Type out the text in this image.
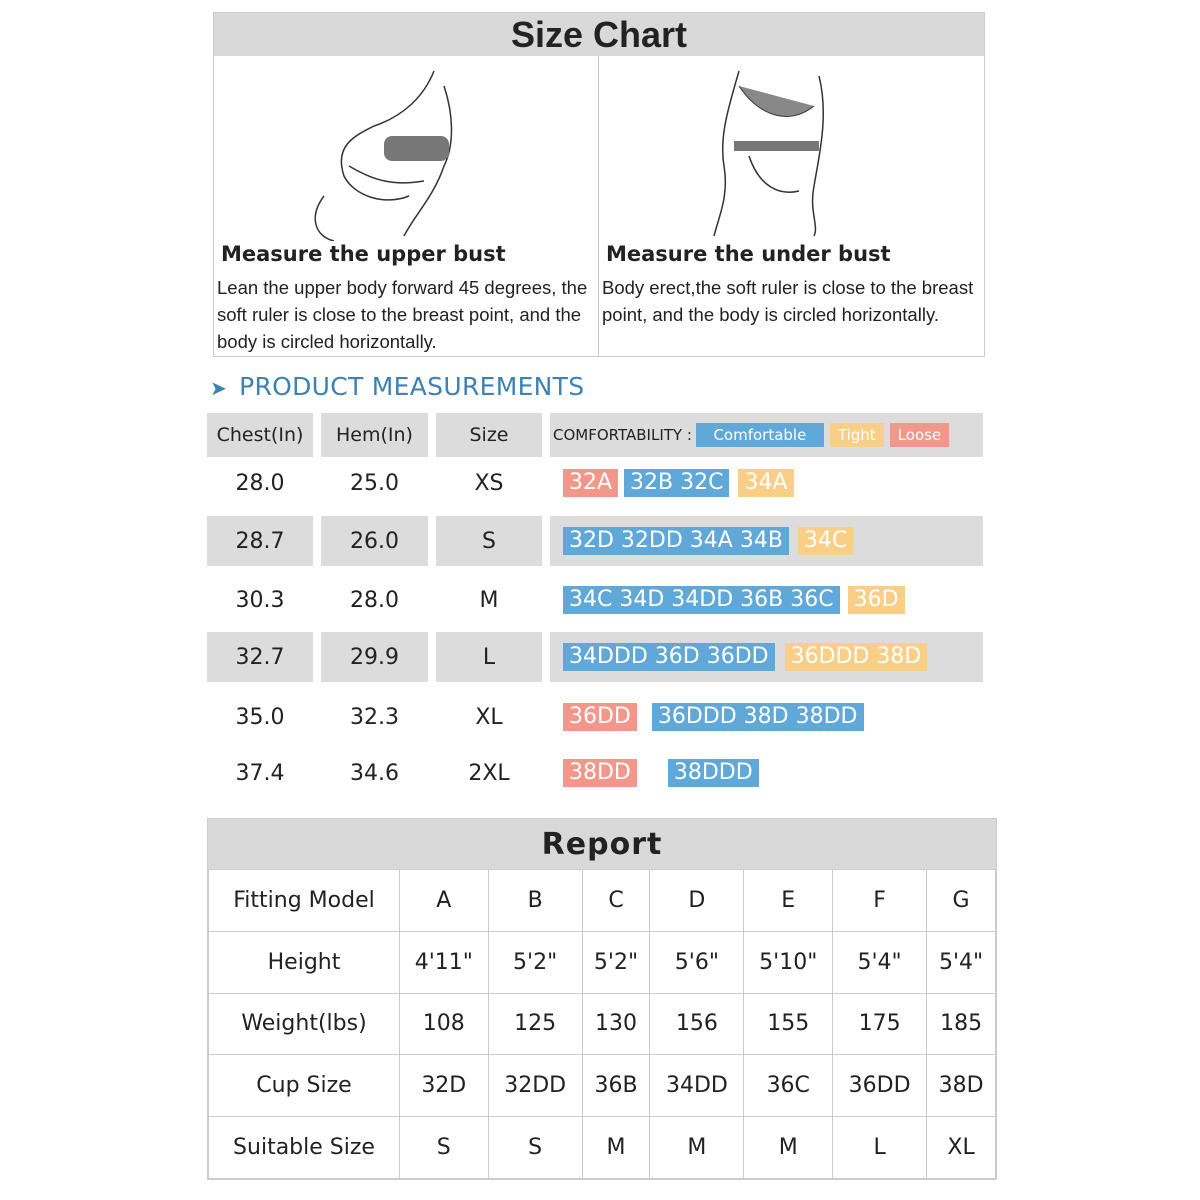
Size Chart
Measure the upper bust
Lean the upper body forward 45 degrees, the soft ruler is close to the breast point, and the body is circled horizontally.
Measure the under bust
Body erect,the soft ruler is close to the breast point, and the body is circled horizontally.
➤ PRODUCT MEASUREMENTS
Chest(In)	Hem(In)	Size	COMFORTABILITY :	Comfortable	Tight	Loose
28.0	25.0	XS	32A 32B 32C 34A
28.7	26.0	S	32D 32DD 34A 34B 34C
30.3	28.0	M	34C 34D 34DD 36B 36C 36D
32.7	29.9	L	34DDD 36D 36DD 36DDD 38D
35.0	32.3	XL	36DD 36DDD 38D 38DD
37.4	34.6	2XL	38DD 38DDD
Report
Fitting Model	A	B	C	D	E	F	G
Height	4'11"	5'2"	5'2"	5'6"	5'10"	5'4"	5'4"
Weight(lbs)	108	125	130	156	155	175	185
Cup Size	32D	32DD	36B	34DD	36C	36DD	38D
Suitable Size	S	S	M	M	M	L	XL
